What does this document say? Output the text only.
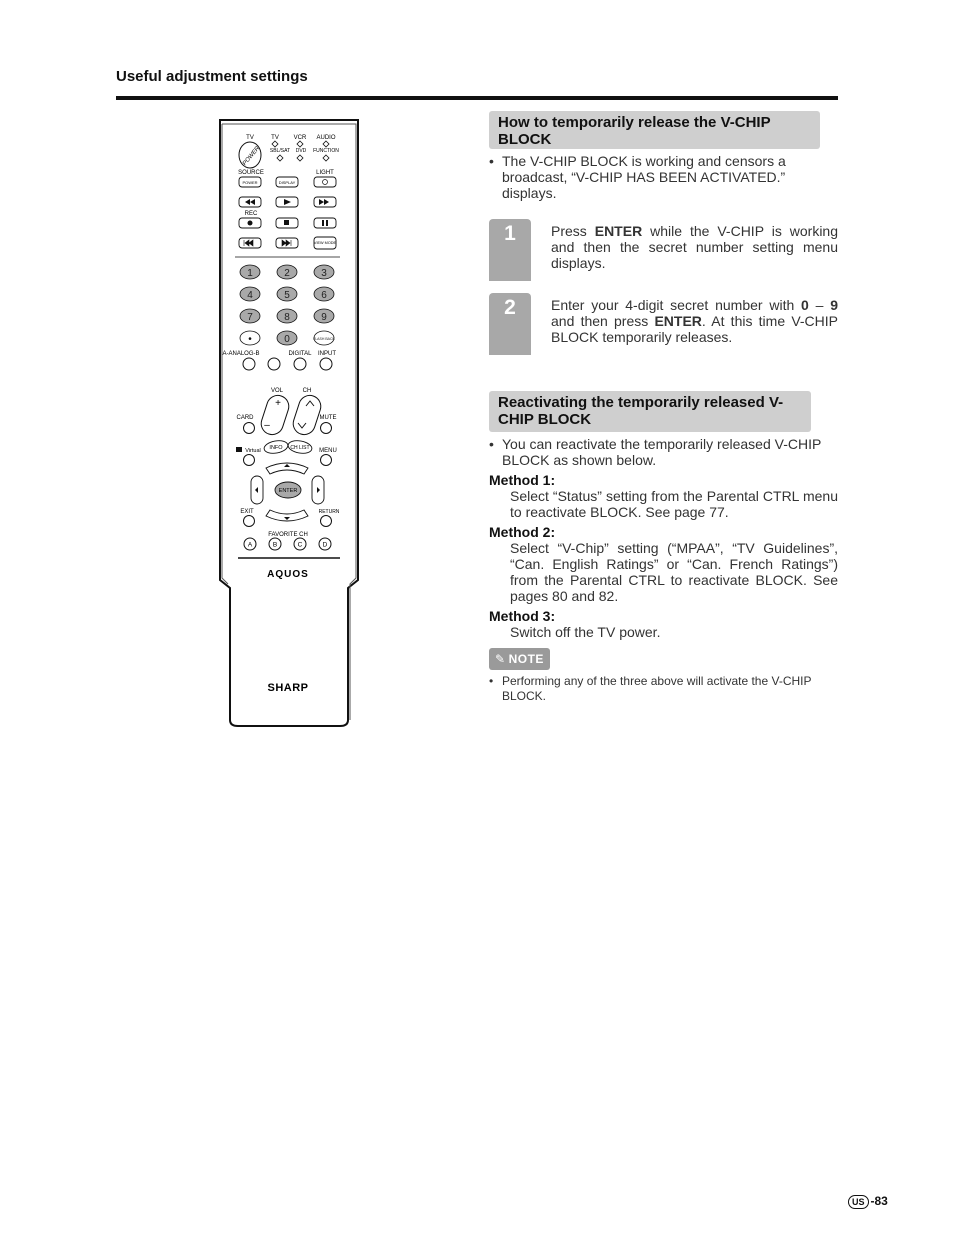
Useful adjustment settings
TV	TV VCR AUDIO
SBL/SAT DVD FUNCTION
POWER
SOURCE	LIGHT
POWER	DISPLAY
REC
VIEW MODE
1	2	3
4	5	6
7	8	9
•	0	FLASH BACK
A-ANALOG-B	DIGITAL INPUT
VOL	CH
+
–
CARD	MUTE
Virtual INFO CH LIST MENU
ENTER
EXIT	RETURN
FAVORITE CH
A	B	C	D
AQUOS
SHARP
How to temporarily release the V-CHIP BLOCK
• The V-CHIP BLOCK is working and censors a broadcast, “V-CHIP HAS BEEN ACTIVATED.” displays.
1	Press ENTER while the V-CHIP is working and then the secret number setting menu displays.
2	Enter your 4-digit secret number with 0 – 9 and then press ENTER. At this time V-CHIP BLOCK temporarily releases.
Reactivating the temporarily released V-CHIP BLOCK
• You can reactivate the temporarily released V-CHIP BLOCK as shown below.
Method 1:
Select “Status” setting from the Parental CTRL menu to reactivate BLOCK. See page 77.
Method 2:
Select “V-Chip” setting (“MPAA”, “TV Guidelines”, “Can. English Ratings” or “Can. French Ratings”) from the Parental CTRL to reactivate BLOCK. See pages 80 and 82.
Method 3:
Switch off the TV power.
✎ NOTE
• Performing any of the three above will activate the V-CHIP BLOCK.
US -83
